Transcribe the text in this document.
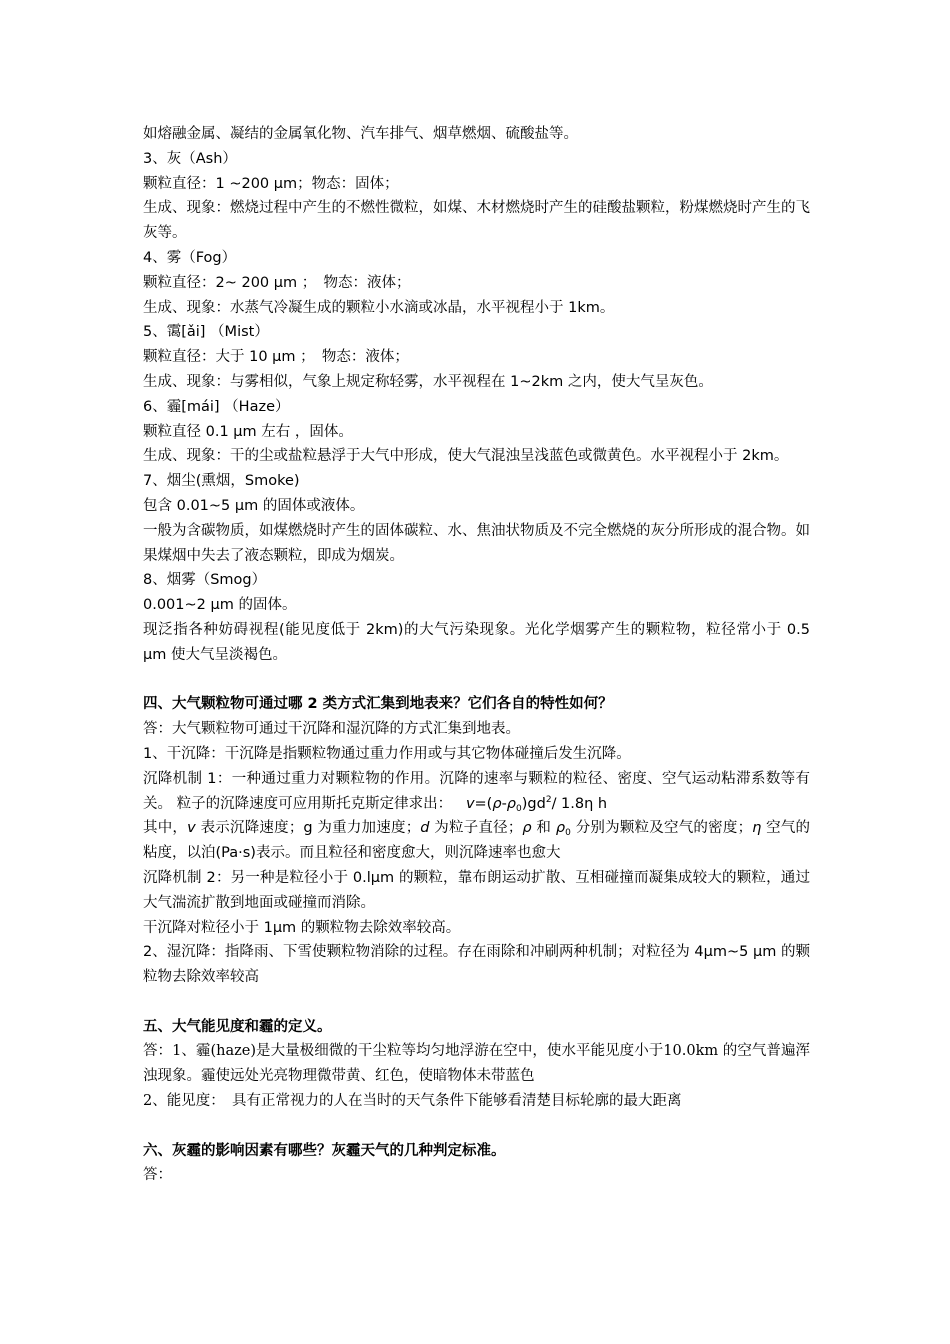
如熔融金属、凝结的金属氧化物、汽车排气、烟草燃烟、硫酸盐等。
3、灰（Ash）
颗粒直径：1 ~200 μm；物态：固体；
生成、现象：燃烧过程中产生的不燃性微粒，如煤、木材燃烧时产生的硅酸盐颗粒，粉煤燃烧时产生的飞灰等。
4、雾（Fog）
颗粒直径：2~ 200 μm ；　物态：液体；
生成、现象：水蒸气冷凝生成的颗粒小水滴或冰晶，水平视程小于 1km。
5、霭[ǎi] （Mist）
颗粒直径：大于 10 μm ；　物态：液体；
生成、现象：与雾相似，气象上规定称轻雾，水平视程在 1~2km 之内，使大气呈灰色。
6、霾[mái] （Haze）
颗粒直径 0.1 μm 左右 ，固体。
生成、现象：干的尘或盐粒悬浮于大气中形成，使大气混浊呈浅蓝色或微黄色。水平视程小于 2km。
7、烟尘(熏烟，Smoke)
包含 0.01~5 μm 的固体或液体。
一般为含碳物质，如煤燃烧时产生的固体碳粒、水、焦油状物质及不完全燃烧的灰分所形成的混合物。如果煤烟中失去了液态颗粒，即成为烟炭。
8、烟雾（Smog）
0.001~2 μm 的固体。
现泛指各种妨碍视程(能见度低于 2km)的大气污染现象。光化学烟雾产生的颗粒物，粒径常小于 0.5 μm 使大气呈淡褐色。
四、大气颗粒物可通过哪 2 类方式汇集到地表来？它们各自的特性如何？
答：大气颗粒物可通过干沉降和湿沉降的方式汇集到地表。
1、干沉降：干沉降是指颗粒物通过重力作用或与其它物体碰撞后发生沉降。
沉降机制 1：一种通过重力对颗粒物的作用。沉降的速率与颗粒的粒径、密度、空气运动粘滞系数等有关。 粒子的沉降速度可应用斯托克斯定律求出： $v=(\rho-\rho_0)gd^2/$ 1.8η h
其中，v 表示沉降速度；g 为重力加速度；d 为粒子直径；ρ 和 $\rho_0$ 分别为颗粒及空气的密度；η 空气的粘度，以泊(Pa·s)表示。而且粒径和密度愈大，则沉降速率也愈大
沉降机制 2：另一种是粒径小于 0.lμm 的颗粒，靠布朗运动扩散、互相碰撞而凝集成较大的颗粒，通过大气湍流扩散到地面或碰撞而消除。
干沉降对粒径小于 1μm 的颗粒物去除效率较高。
2、湿沉降：指降雨、下雪使颗粒物消除的过程。存在雨除和冲刷两种机制；对粒径为 4μm~5 μm 的颗粒物去除效率较高
五、大气能见度和霾的定义。
答：1、霾(haze)是大量极细微的干尘粒等均匀地浮游在空中，使水平能见度小于10.0km 的空气普遍浑浊现象。霾使远处光亮物理微带黄、红色，使暗物体未带蓝色
2、能见度：　具有正常视力的人在当时的天气条件下能够看清楚目标轮廓的最大距离
六、灰霾的影响因素有哪些？灰霾天气的几种判定标准。
答：
